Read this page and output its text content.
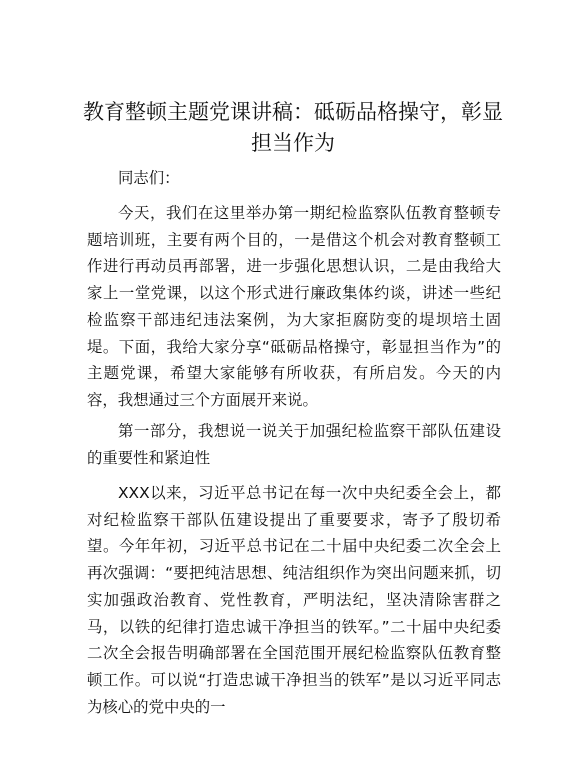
教育整顿主题党课讲稿：砥砺品格操守，彰显担当作为

同志们：

今天，我们在这里举办第一期纪检监察队伍教育整顿专题培训班，主要有两个目的，一是借这个机会对教育整顿工作进行再动员再部署，进一步强化思想认识，二是由我给大家上一堂党课，以这个形式进行廉政集体约谈，讲述一些纪检监察干部违纪违法案例，为大家拒腐防变的堤坝培土固堤。下面，我给大家分享“砥砺品格操守，彰显担当作为”的主题党课，希望大家能够有所收获，有所启发。今天的内容，我想通过三个方面展开来说。

第一部分，我想说一说关于加强纪检监察干部队伍建设的重要性和紧迫性

XXX以来，习近平总书记在每一次中央纪委全会上，都对纪检监察干部队伍建设提出了重要要求，寄予了殷切希望。今年年初，习近平总书记在二十届中央纪委二次全会上再次强调：“要把纯洁思想、纯洁组织作为突出问题来抓，切实加强政治教育、党性教育，严明法纪，坚决清除害群之马，以铁的纪律打造忠诚干净担当的铁军。”二十届中央纪委二次全会报告明确部署在全国范围开展纪检监察队伍教育整顿工作。可以说“打造忠诚干净担当的铁军”是以习近平同志为核心的党中央的一
